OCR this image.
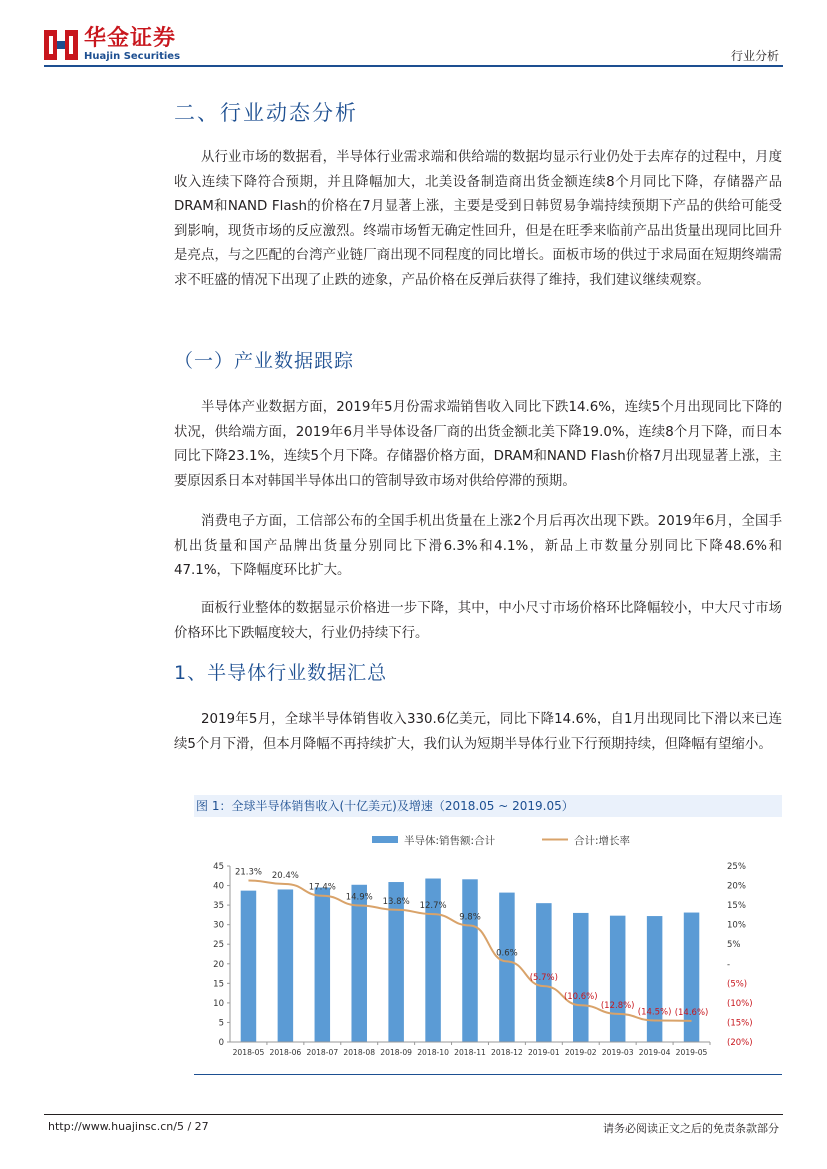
华金证券
Huajin Securities	行业分析
二、行业动态分析

从行业市场的数据看，半导体行业需求端和供给端的数据均显示行业仍处于去库存的过程中，月度收入连续下降符合预期，并且降幅加大，北美设备制造商出货金额连续8个月同比下降，存储器产品DRAM和NAND Flash的价格在7月显著上涨，主要是受到日韩贸易争端持续预期下产品的供给可能受到影响，现货市场的反应激烈。终端市场暂无确定性回升，但是在旺季来临前产品出货量出现同比回升是亮点，与之匹配的台湾产业链厂商出现不同程度的同比增长。面板市场的供过于求局面在短期终端需求不旺盛的情况下出现了止跌的迹象，产品价格在反弹后获得了维持，我们建议继续观察。

（一）产业数据跟踪

半导体产业数据方面，2019年5月份需求端销售收入同比下跌14.6%，连续5个月出现同比下降的状况，供给端方面，2019年6月半导体设备厂商的出货金额北美下降19.0%，连续8个月下降，而日本同比下降23.1%，连续5个月下降。存储器价格方面，DRAM和NAND Flash价格7月出现显著上涨，主要原因系日本对韩国半导体出口的管制导致市场对供给停滞的预期。

消费电子方面，工信部公布的全国手机出货量在上涨2个月后再次出现下跌。2019年6月，全国手机出货量和国产品牌出货量分别同比下滑6.3%和4.1%，新品上市数量分别同比下降48.6%和47.1%，下降幅度环比扩大。

面板行业整体的数据显示价格进一步下降，其中，中小尺寸市场价格环比降幅较小，中大尺寸市场价格环比下跌幅度较大，行业仍持续下行。

1、半导体行业数据汇总

2019年5月，全球半导体销售收入330.6亿美元，同比下降14.6%，自1月出现同比下滑以来已连续5个月下滑，但本月降幅不再持续扩大，我们认为短期半导体行业下行预期持续，但降幅有望缩小。

图 1：全球半导体销售收入(十亿美元)及增速（2018.05 ~ 2019.05）
半导体:销售额:合计	合计:增长率
0
5
10
15
20
25
30
35
40
45	25%
20%
15%
10%
5%
-
(5%)
(10%)
(15%)
(20%)
2018-05 2018-06 2018-07 2018-08 2018-09 2018-10 2018-11 2018-12 2019-01 2019-02 2019-03 2019-04 2019-05
21.3% 20.4%
17.4%
14.9% 13.8% 12.7%
9.8%
0.6%
(5.7%)
(10.6%)
(12.8%)
(14.5%) (14.6%)
http://www.huajinsc.cn/5 / 27	请务必阅读正文之后的免责条款部分
